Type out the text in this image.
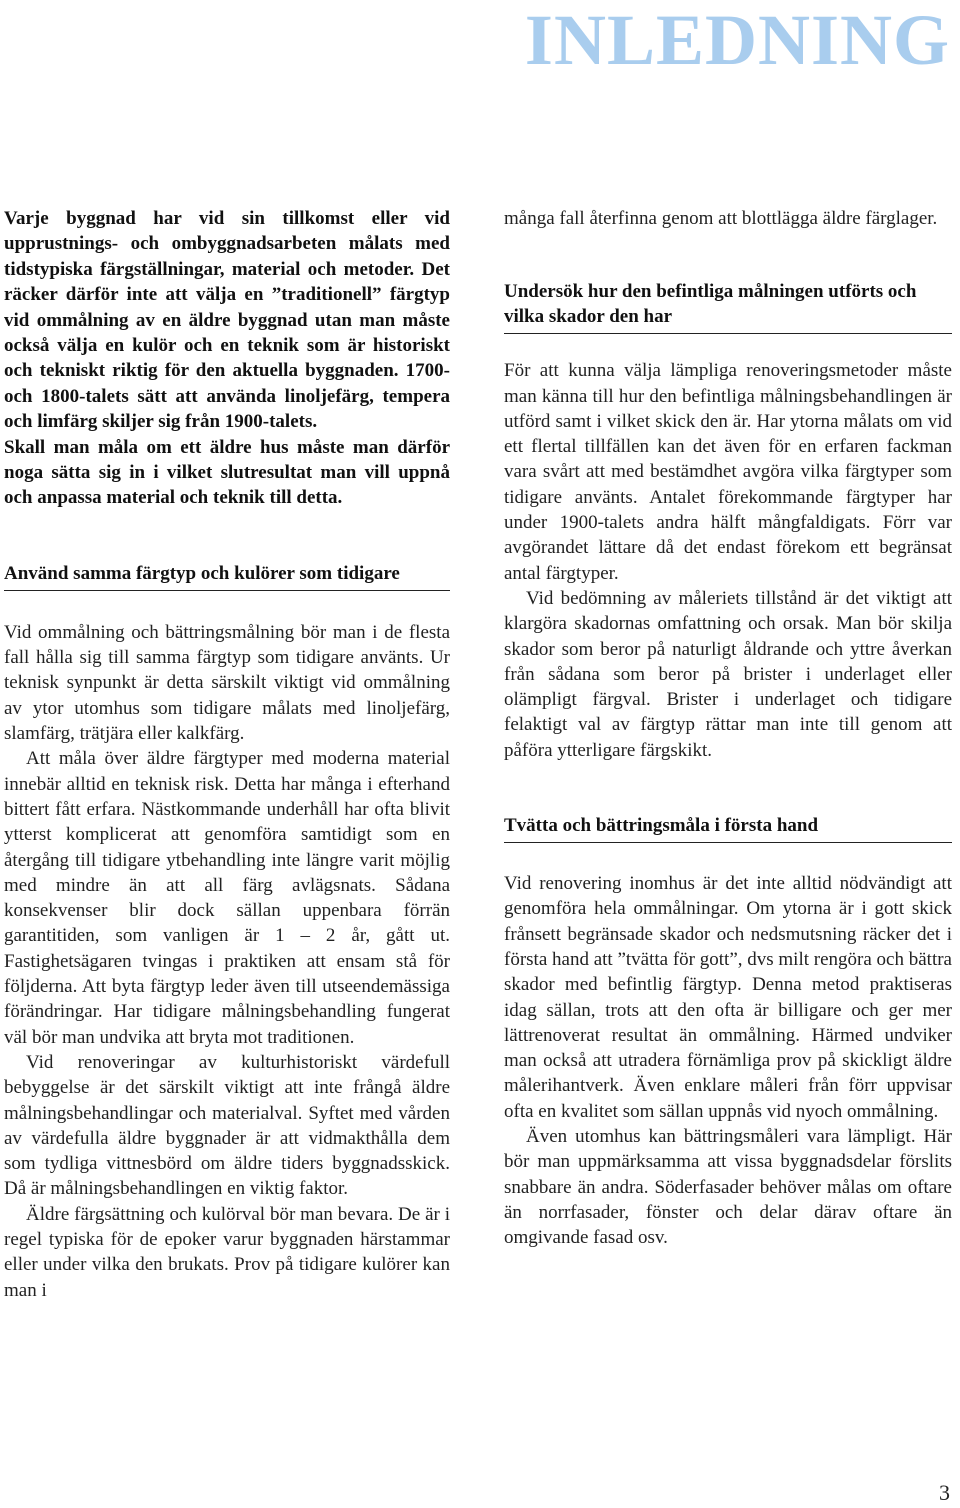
INLEDNING

Varje byggnad har vid sin tillkomst eller vid upprustnings- och ombyggnadsarbeten målats med tidstypiska färgställningar, material och metoder. Det räcker därför inte att välja en ”traditionell” färgtyp vid ommålning av en äldre byggnad utan man måste också välja en kulör och en teknik som är historiskt och tekniskt riktig för den aktuella byggnaden. 1700- och 1800-talets sätt att använda linoljefärg, tempera och limfärg skiljer sig från 1900-talets.

Skall man måla om ett äldre hus måste man därför noga sätta sig in i vilket slutresultat man vill uppnå och anpassa material och teknik till detta.

Använd samma färgtyp och kulörer som tidigare

Vid ommålning och bättringsmålning bör man i de flesta fall hålla sig till samma färgtyp som tidigare använts. Ur teknisk synpunkt är detta särskilt viktigt vid ommålning av ytor utomhus som tidigare målats med linoljefärg, slamfärg, trätjära eller kalkfärg.

Att måla över äldre färgtyper med moderna material innebär alltid en teknisk risk. Detta har många i efterhand bittert fått erfara. Nästkommande underhåll har ofta blivit ytterst komplicerat att genomföra samtidigt som en återgång till tidigare ytbehandling inte längre varit möjlig med mindre än att all färg avlägsnats. Sådana konsekvenser blir dock sällan uppenbara förrän garantitiden, som vanligen är 1 – 2 år, gått ut. Fastighetsägaren tvingas i praktiken att ensam stå för följderna. Att byta färgtyp leder även till utseendemässiga förändringar. Har tidigare målningsbehandling fungerat väl bör man undvika att bryta mot traditionen.

Vid renoveringar av kulturhistoriskt värdefull bebyggelse är det särskilt viktigt att inte frångå äldre målningsbehandlingar och materialval. Syftet med vården av värdefulla äldre byggnader är att vidmakthålla dem som tydliga vittnesbörd om äldre tiders byggnadsskick. Då är målningsbehandlingen en viktig faktor.

Äldre färgsättning och kulörval bör man bevara. De är i regel typiska för de epoker varur byggnaden härstammar eller under vilka den brukats. Prov på tidigare kulörer kan man i

många fall återfinna genom att blottlägga äldre färglager.

Undersök hur den befintliga målningen utförts och vilka skador den har

För att kunna välja lämpliga renoveringsmetoder måste man känna till hur den befintliga målningsbehandlingen är utförd samt i vilket skick den är. Har ytorna målats om vid ett flertal tillfällen kan det även för en erfaren fackman vara svårt att med bestämdhet avgöra vilka färgtyper som tidigare använts. Antalet förekommande färgtyper har under 1900-talets andra hälft mångfaldigats. Förr var avgörandet lättare då det endast förekom ett begränsat antal färgtyper.

Vid bedömning av måleriets tillstånd är det viktigt att klargöra skadornas omfattning och orsak. Man bör skilja skador som beror på naturligt åldrande och yttre åverkan från sådana som beror på brister i underlaget eller olämpligt färgval. Brister i underlaget och tidigare felaktigt val av färgtyp rättar man inte till genom att påföra ytterligare färgskikt.

Tvätta och bättringsmåla i första hand

Vid renovering inomhus är det inte alltid nödvändigt att genomföra hela ommålningar. Om ytorna är i gott skick frånsett begränsade skador och nedsmutsning räcker det i första hand att ”tvätta för gott”, dvs milt rengöra och bättra skador med befintlig färgtyp. Denna metod praktiseras idag sällan, trots att den ofta är billigare och ger mer lättrenoverat resultat än ommålning. Härmed undviker man också att utradera förnämliga prov på skickligt äldre målerihantverk. Även enklare måleri från förr uppvisar ofta en kvalitet som sällan uppnås vid nyoch ommålning.

Även utomhus kan bättringsmåleri vara lämpligt. Här bör man uppmärksamma att vissa byggnadsdelar förslits snabbare än andra. Söderfasader behöver målas om oftare än norrfasader, fönster och delar därav oftare än omgivande fasad osv.

3
